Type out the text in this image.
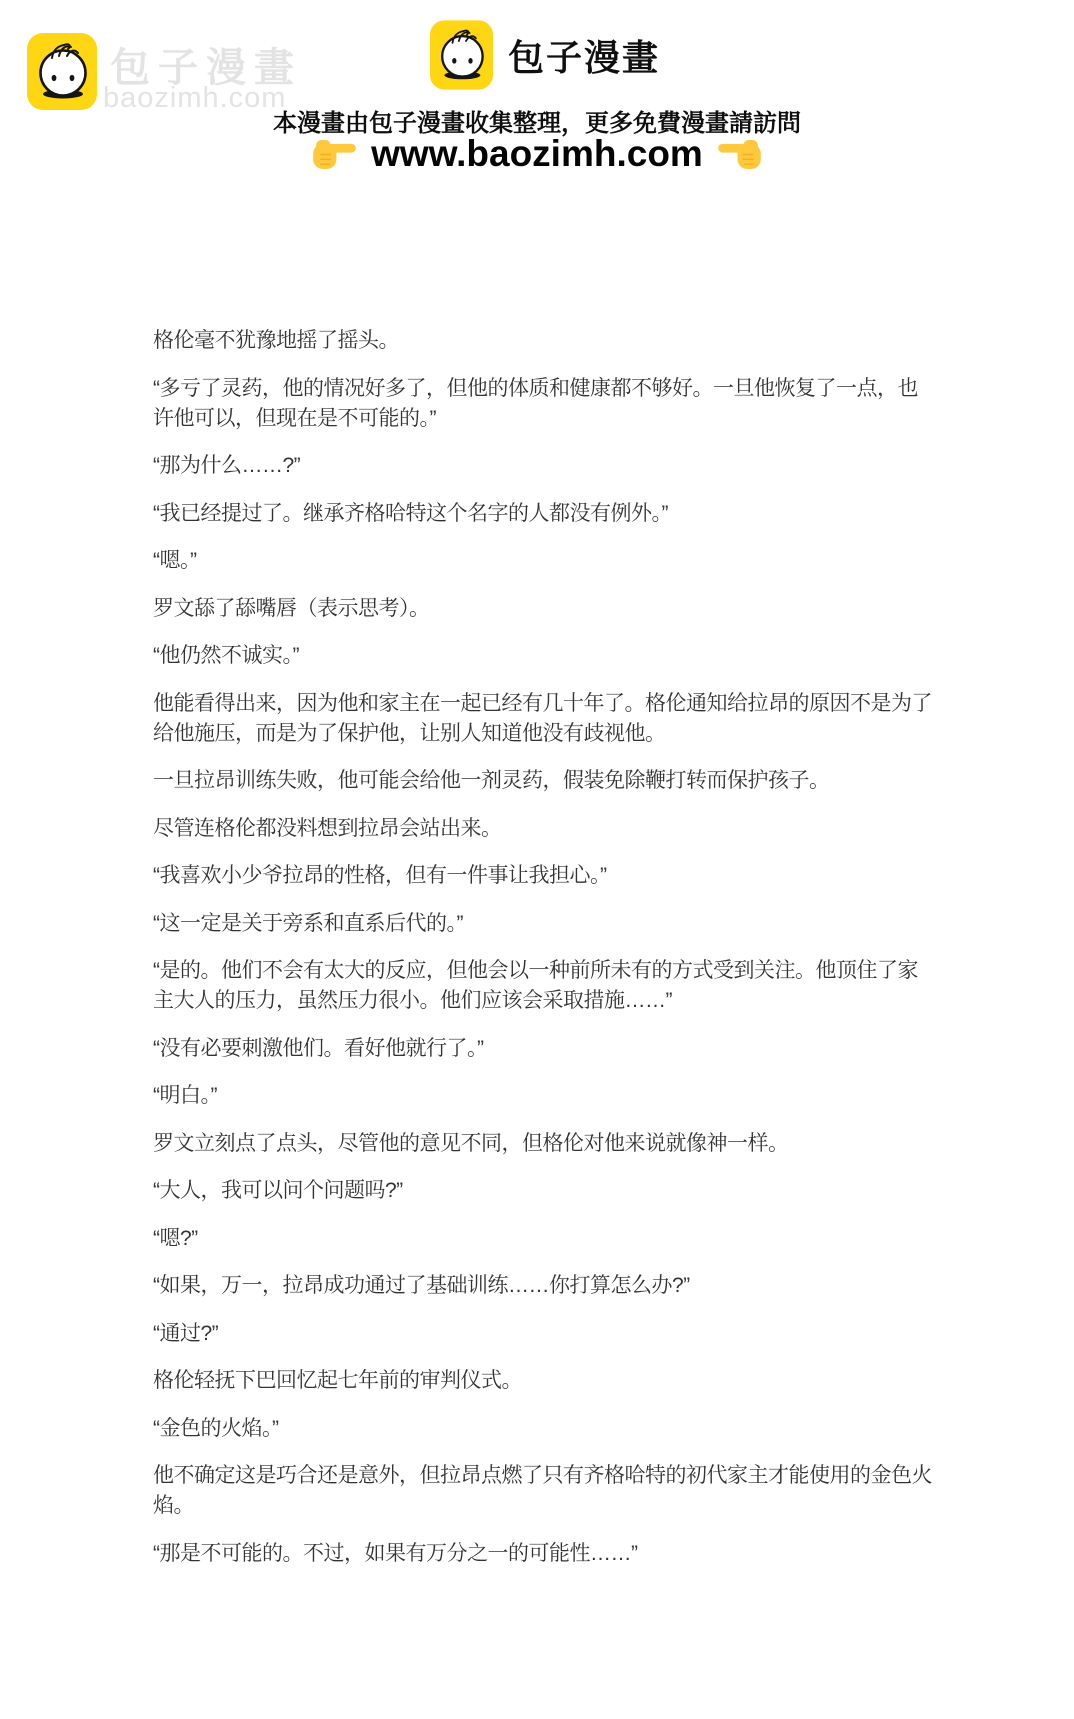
包子漫畫
baozimh.com
包子漫畫
本漫畫由包子漫畫收集整理，更多免費漫畫請訪問
www.baozimh.com

格伦毫不犹豫地摇了摇头。

“多亏了灵药，他的情况好多了，但他的体质和健康都不够好。一旦他恢复了一点，也许他可以，但现在是不可能的。”

“那为什么……?”

“我已经提过了。继承齐格哈特这个名字的人都没有例外。”

“嗯。”

罗文舔了舔嘴唇（表示思考）。

“他仍然不诚实。”

他能看得出来，因为他和家主在一起已经有几十年了。格伦通知给拉昂的原因不是为了给他施压，而是为了保护他，让别人知道他没有歧视他。

一旦拉昂训练失败，他可能会给他一剂灵药，假装免除鞭打转而保护孩子。

尽管连格伦都没料想到拉昂会站出来。

“我喜欢小少爷拉昂的性格，但有一件事让我担心。”

“这一定是关于旁系和直系后代的。”

“是的。他们不会有太大的反应，但他会以一种前所未有的方式受到关注。他顶住了家主大人的压力，虽然压力很小。他们应该会采取措施……”

“没有必要刺激他们。看好他就行了。”

“明白。”

罗文立刻点了点头，尽管他的意见不同，但格伦对他来说就像神一样。

“大人，我可以问个问题吗?”

“嗯?”

“如果，万一，拉昂成功通过了基础训练……你打算怎么办?”

“通过?”

格伦轻抚下巴回忆起七年前的审判仪式。

“金色的火焰。”

他不确定这是巧合还是意外，但拉昂点燃了只有齐格哈特的初代家主才能使用的金色火焰。

“那是不可能的。不过，如果有万分之一的可能性……”
